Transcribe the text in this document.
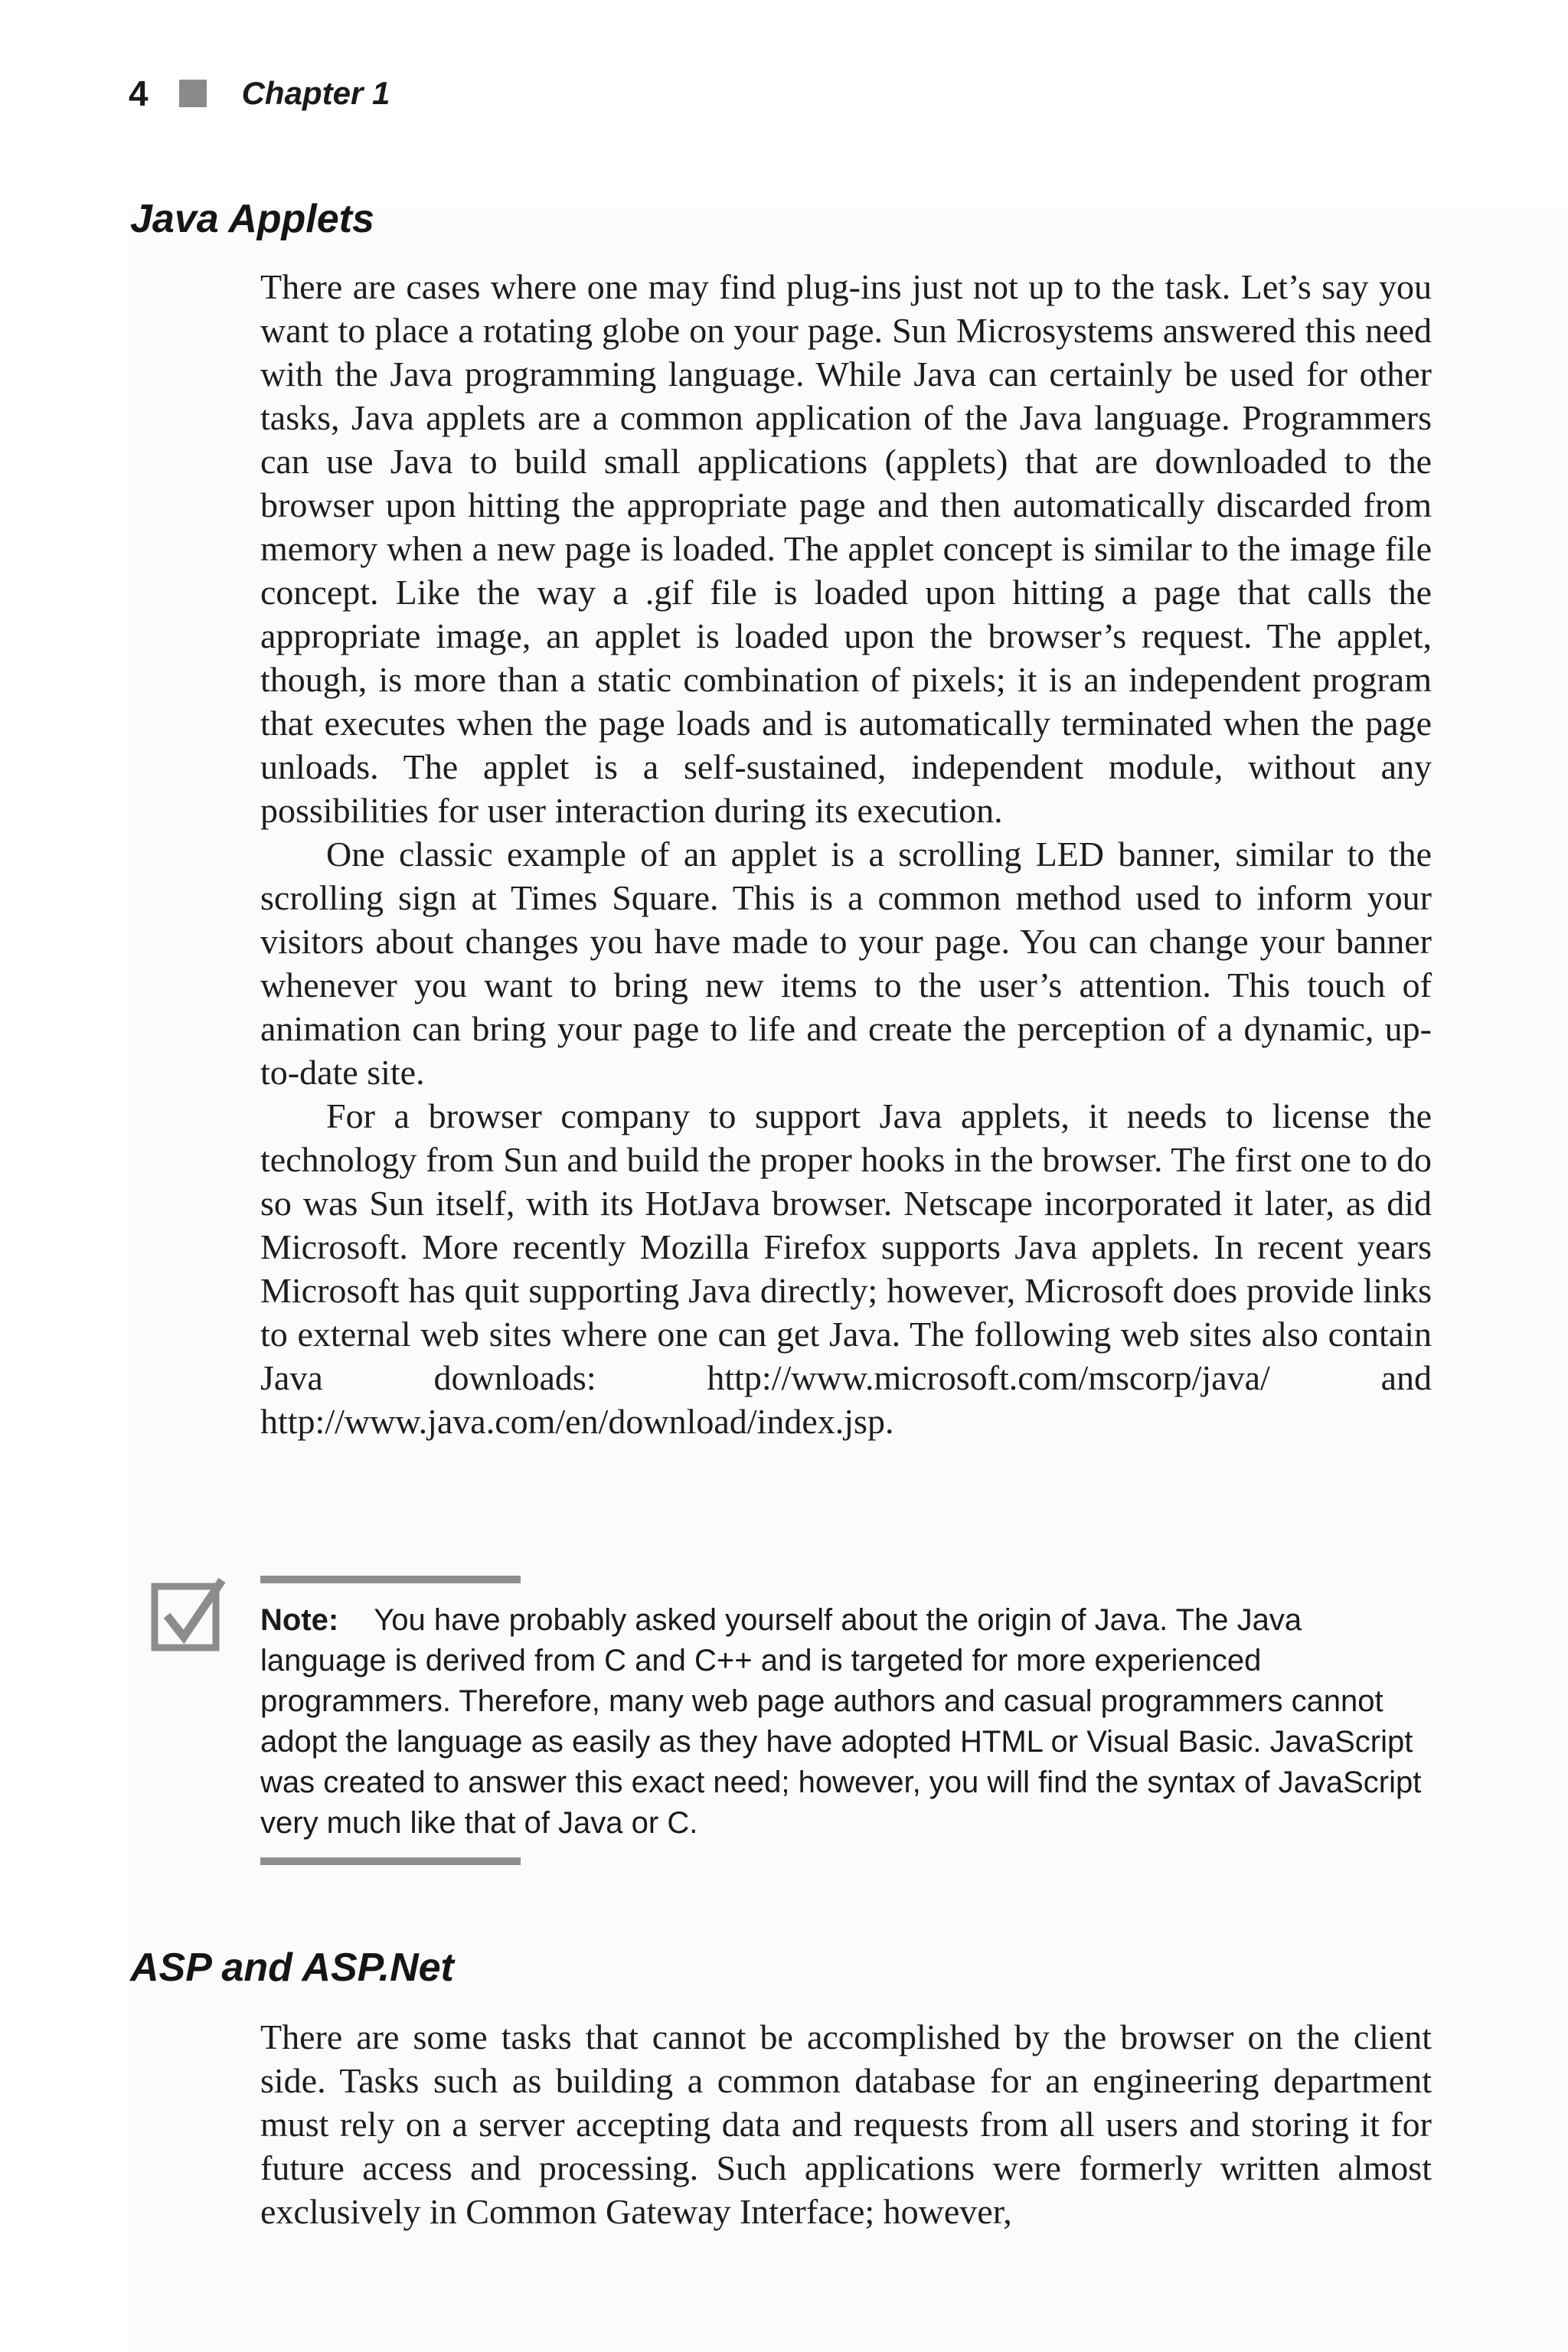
4	Chapter 1
Java Applets

There are cases where one may find plug-ins just not up to the task. Let’s say you want to place a rotating globe on your page. Sun Microsystems answered this need with the Java programming language. While Java can certainly be used for other tasks, Java applets are a common application of the Java language. Programmers can use Java to build small applications (applets) that are downloaded to the browser upon hitting the appropriate page and then automatically discarded from memory when a new page is loaded. The applet concept is similar to the image file concept. Like the way a .gif file is loaded upon hitting a page that calls the appropriate image, an applet is loaded upon the browser’s request. The applet, though, is more than a static combination of pixels; it is an independent program that executes when the page loads and is automatically terminated when the page unloads. The applet is a self-sustained, independent module, without any possibilities for user interaction during its execution.

One classic example of an applet is a scrolling LED banner, similar to the scrolling sign at Times Square. This is a common method used to inform your visitors about changes you have made to your page. You can change your banner whenever you want to bring new items to the user’s attention. This touch of animation can bring your page to life and create the perception of a dynamic, up-to-date site.

For a browser company to support Java applets, it needs to license the technology from Sun and build the proper hooks in the browser. The first one to do so was Sun itself, with its HotJava browser. Netscape incorporated it later, as did Microsoft. More recently Mozilla Firefox supports Java applets. In recent years Microsoft has quit supporting Java directly; however, Microsoft does provide links to external web sites where one can get Java. The following web sites also contain Java downloads: http://www.microsoft.com/mscorp/java/ and http://www.java.com/en/download/index.jsp.

Note: You have probably asked yourself about the origin of Java. The Java language is derived from C and C++ and is targeted for more experienced programmers. Therefore, many web page authors and casual programmers cannot adopt the language as easily as they have adopted HTML or Visual Basic. JavaScript was created to answer this exact need; however, you will find the syntax of JavaScript very much like that of Java or C.
ASP and ASP.Net

There are some tasks that cannot be accomplished by the browser on the client side. Tasks such as building a common database for an engineering department must rely on a server accepting data and requests from all users and storing it for future access and processing. Such applications were formerly written almost exclusively in Common Gateway Interface; however,
